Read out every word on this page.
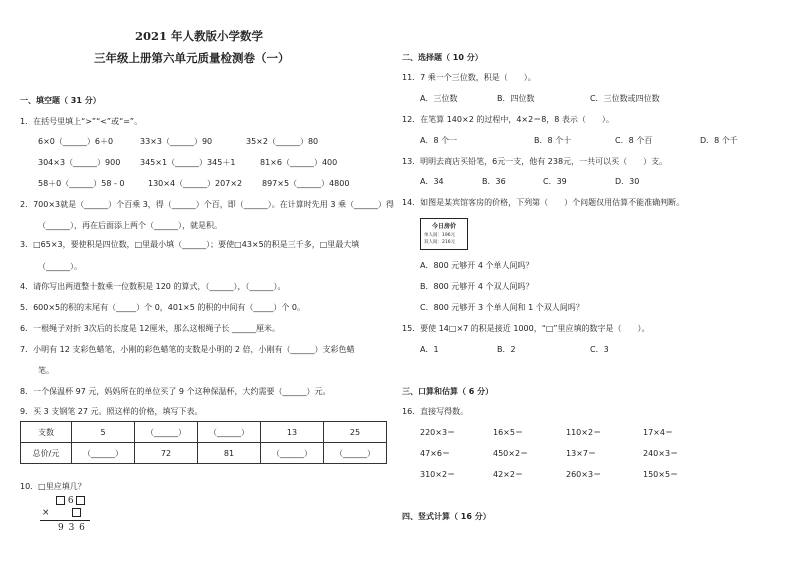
2021 年人教版小学数学
三年级上册第六单元质量检测卷（一）
一、填空题（ 31 分）
1．在括号里填上“>”“<”或“=”。
6×0（______）6＋0	33×3（______）90	35×2（______）80
304×3（______）900 345×1（______）345＋1	81×6（______）400
58＋0（______）58 - 0	130×4（______）207×2 897×5（______）4800
2．700×3就是（______）个百乘 3，得（______）个百，即（______）。在计算时先用 3 乘（______）得
（______），再在后面添上两个（______），就是积。
3．□65×3，要使积是四位数，□里最小填（______）；要使□43×5的积是三千多，□里最大填
（______）。
4．请你写出两道整十数乘一位数积是 120 的算式，（______），（______）。
5．600×5的积的末尾有（_____）个 0，401×5 的积的中间有（_____）个 0。
6．一根绳子对折 3次后的长度是 12厘米，那么这根绳子长 ______厘米。
7．小明有 12 支彩色蜡笔，小刚的彩色蜡笔的支数是小明的 2 倍，小刚有（______）支彩色蜡
笔。
8．一个保温杯 97 元，妈妈所在的单位买了 9 个这种保温杯，大约需要（______）元。
9．买 3 支钢笔 27 元。照这样的价格，填写下表。
支数	5	（______）	（______）	13	25
总价/元	（______）	72	81	（______）	（______）
10．□里应填几？
6
×
9 3 6
二、选择题（ 10 分）
11．7 乘一个三位数，积是（　　）。
A．三位数	B．四位数	C．三位数或四位数
12．在笔算 140×2 的过程中，4×2＝8，8 表示（　　）。
A．8 个一	B．8 个十	C．8 个百	D．8 个千
13．明明去商店买铅笔，6元一支，他有 238元，一共可以买（　　）支。
A．34	B．36	C．39	D．30
14．如图是某宾馆客房的价格，下列第（　　）个问题仅用估算不能准确判断。
今日房价
单人间：196元
双人间：216元
A．800 元够开 4 个单人间吗？
B．800 元够开 4 个双人间吗？
C．800 元够开 3 个单人间和 1 个双人间吗？
15．要使 14□×7 的积是接近 1000，“□”里应填的数字是（　　）。
A．1	B．2	C．3
三、口算和估算（ 6 分）
16．直接写得数。
220×3＝	16×5＝	110×2＝	17×4＝
47×6＝	450×2＝	13×7＝	240×3＝
310×2＝	42×2＝	260×3＝	150×5＝
四、竖式计算（ 16 分）
